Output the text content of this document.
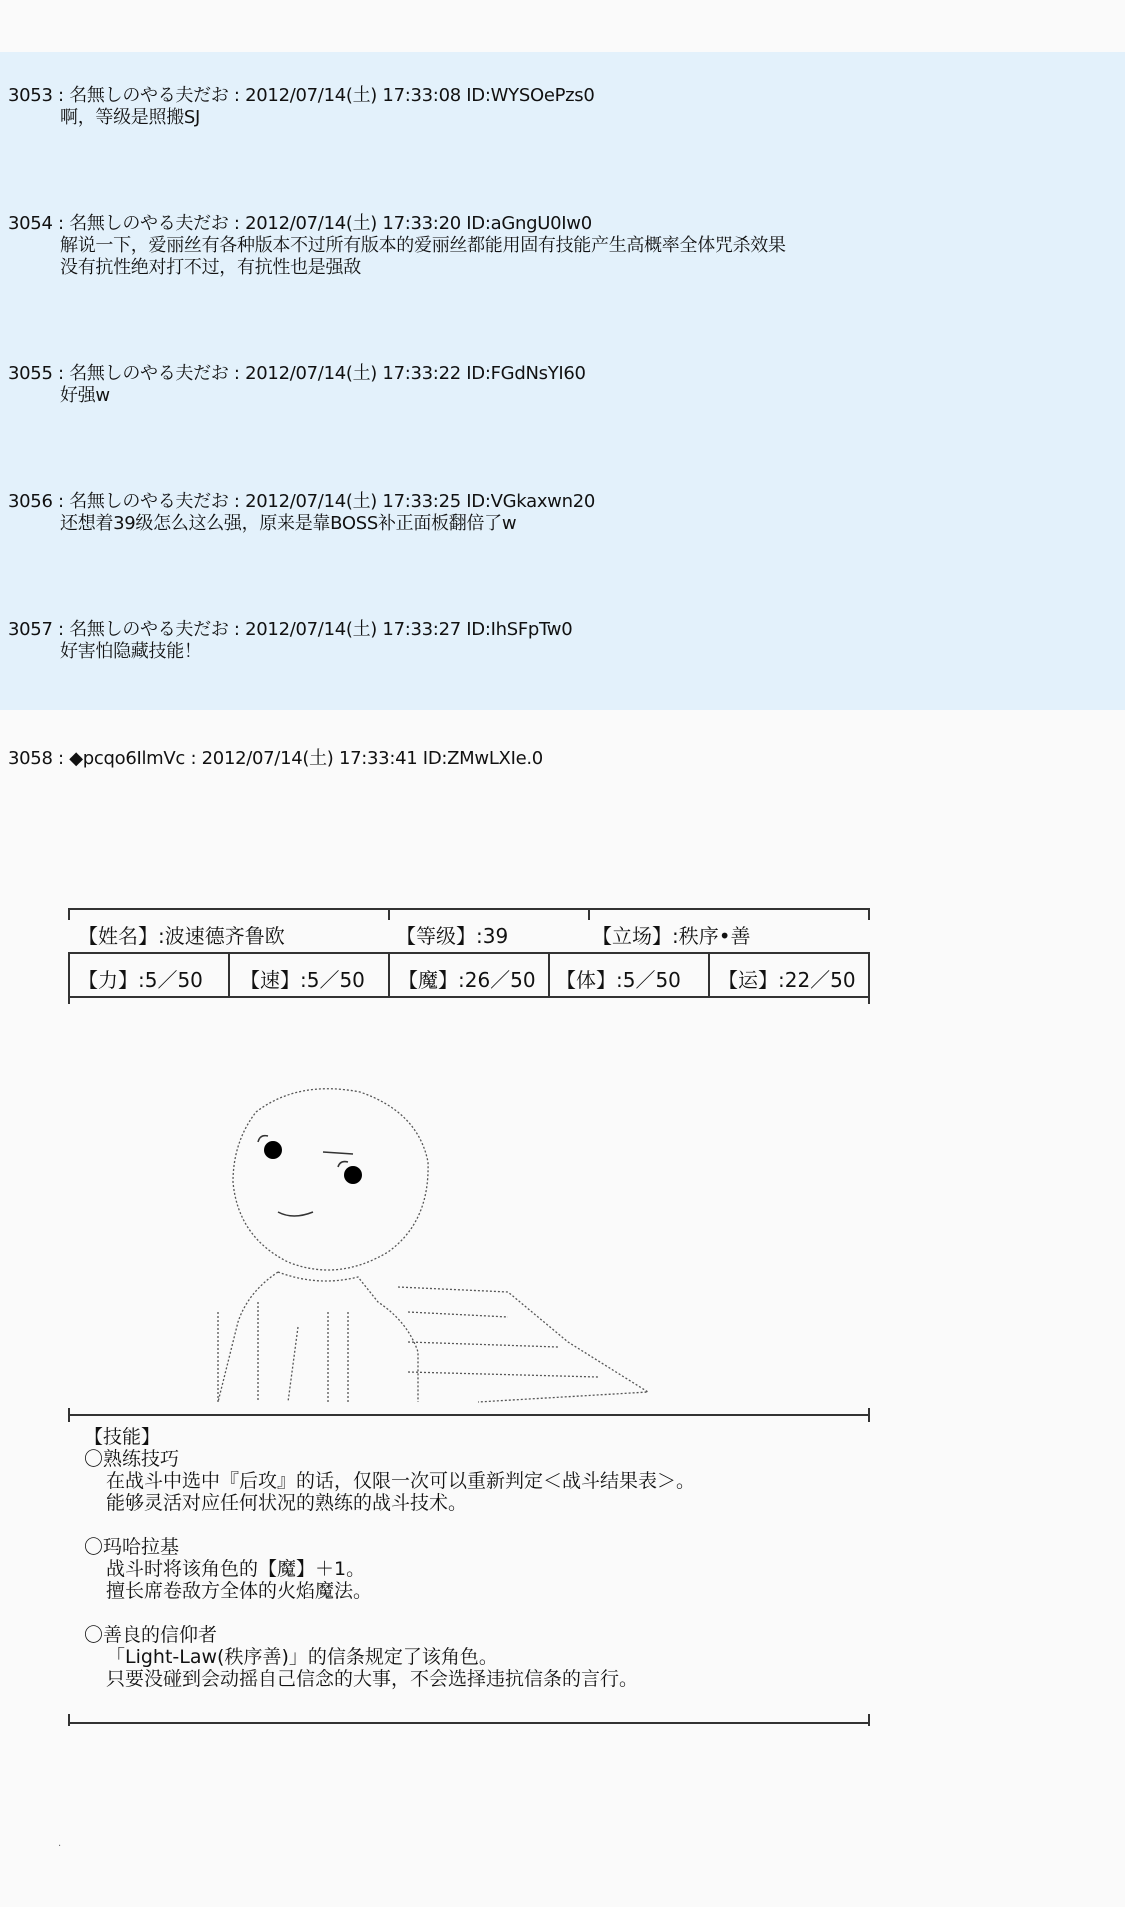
3053 : 名無しのやる夫だお : 2012/07/14(土) 17:33:08 ID:WYSOePzs0
啊，等级是照搬SJ
3054 : 名無しのやる夫だお : 2012/07/14(土) 17:33:20 ID:aGngU0Iw0
解说一下，爱丽丝有各种版本不过所有版本的爱丽丝都能用固有技能产生高概率全体咒杀效果
没有抗性绝对打不过，有抗性也是强敌
3055 : 名無しのやる夫だお : 2012/07/14(土) 17:33:22 ID:FGdNsYI60
好强w
3056 : 名無しのやる夫だお : 2012/07/14(土) 17:33:25 ID:VGkaxwn20
还想着39级怎么这么强，原来是靠BOSS补正面板翻倍了w
3057 : 名無しのやる夫だお : 2012/07/14(土) 17:33:27 ID:IhSFpTw0
好害怕隐藏技能！
3058 : ◆pcqo6IlmVc : 2012/07/14(土) 17:33:41 ID:ZMwLXIe.0
【姓名】:波速德齐鲁欧	【等级】:39	【立场】:秩序•善
【力】:5／50 【速】:5／50 【魔】:26／50 【体】:5／50 【运】:22／50
【技能】
〇熟练技巧
在战斗中选中『后攻』的话，仅限一次可以重新判定＜战斗结果表＞。
能够灵活对应任何状况的熟练的战斗技术。
〇玛哈拉基
战斗时将该角色的【魔】＋1。
擅长席卷敌方全体的火焰魔法。
〇善良的信仰者
「Light-Law(秩序善)」的信条规定了该角色。
只要没碰到会动摇自己信念的大事，不会选择违抗信条的言行。
.
